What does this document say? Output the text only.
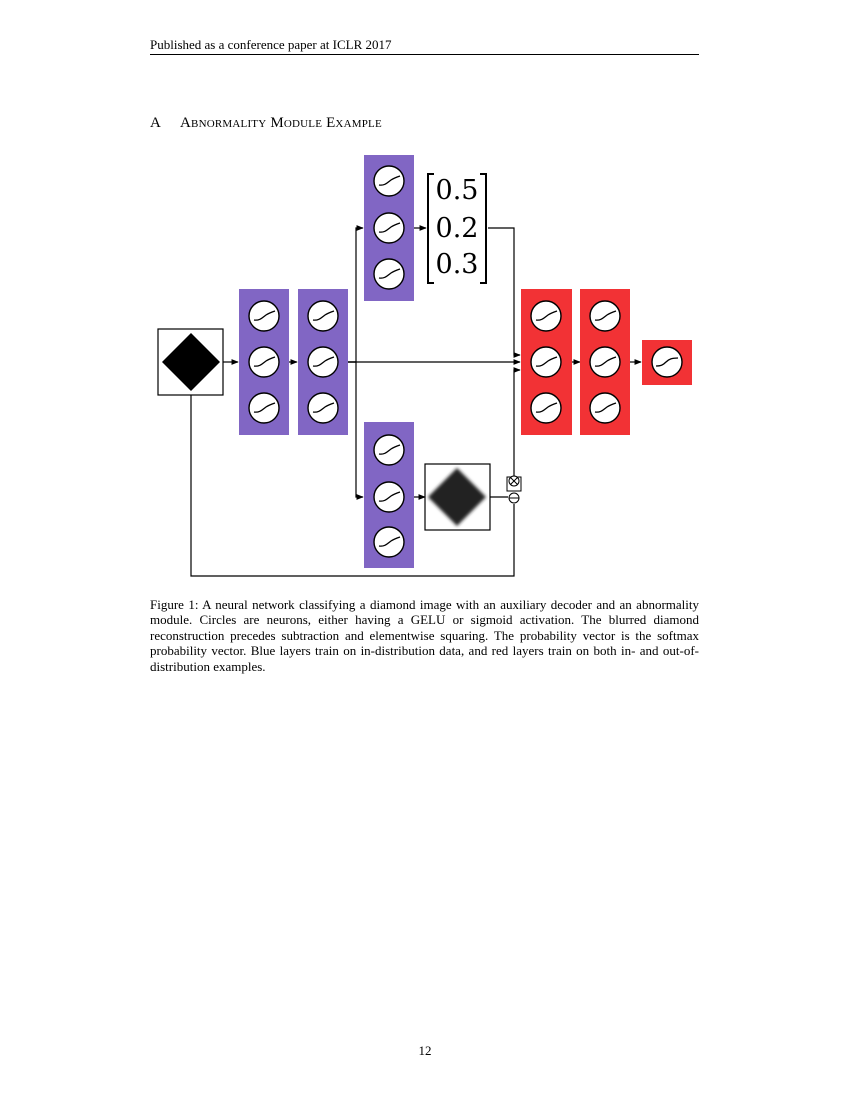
Published as a conference paper at ICLR 2017
A Abnormality Module Example
0.5
0.2
0.3
Figure 1: A neural network classifying a diamond image with an auxiliary decoder and an abnormality module. Circles are neurons, either having a GELU or sigmoid activation. The blurred diamond reconstruction precedes subtraction and elementwise squaring. The probability vector is the softmax probability vector. Blue layers train on in-distribution data, and red layers train on both in- and out-of-distribution examples.
12
